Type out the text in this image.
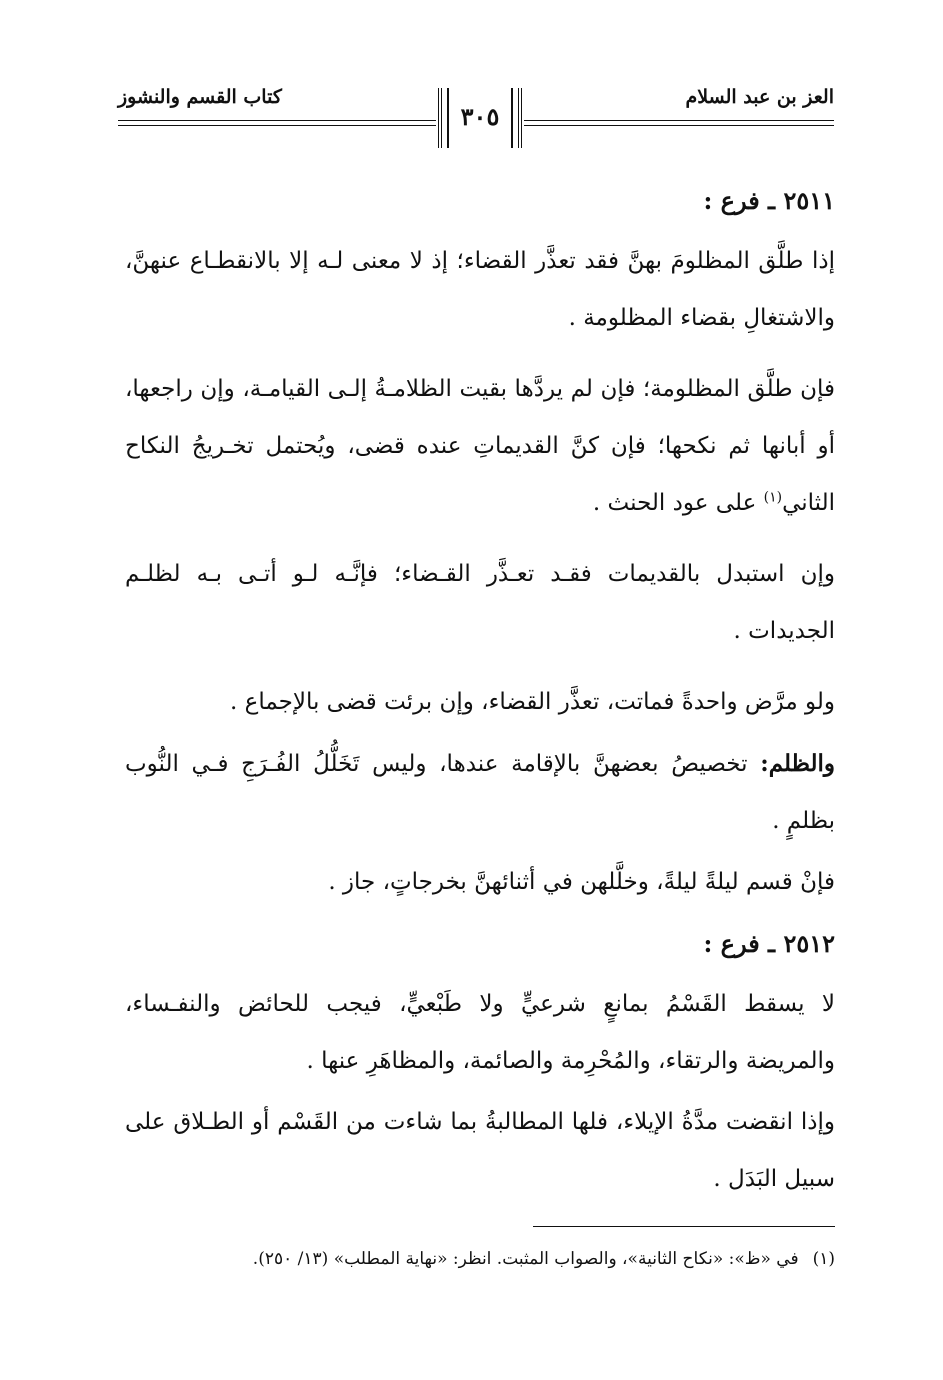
العز بن عبد السلام
٣٠٥
كتاب القسم والنشوز

٢٥١١ ـ فرع :

إذا طلَّق المظلومَ بهنَّ فقد تعذَّر القضاء؛ إذ لا معنى لـه إلا بالانقطـاع عنهنَّ، والاشتغالِ بقضاء المظلومة .

فإن طلَّق المظلومة؛ فإن لم يردَّها بقيت الظلامـةُ إلـى القيامـة، وإن راجعها، أو أبانها ثم نكحها؛ فإن كنَّ القديماتِ عنده قضى، ويُحتمل تخـريجُ النكاح الثاني$^{(١)}$ على عود الحنث .

وإن استبدل بالقديمات فقـد تعـذَّر القـضاء؛ فإنَّـه لـو أتـى بـه لظلـم الجديدات .

ولو مرَّض واحدةً فماتت، تعذَّر القضاء، وإن برئت قضى بالإجماع .

والظلم: تخصيصُ بعضهنَّ بالإقامة عندها، وليس تَخَلُّلُ الفُـرَجِ فـي النُّوب بظلمٍ .

فإنْ قسم ليلةً ليلةً، وخلَّلهن في أثنائهنَّ بخرجاتٍ، جاز .

٢٥١٢ ـ فرع :

لا يسقط القَسْمُ بمانعٍ شرعيٍّ ولا طَبْعيٍّ، فيجب للحائض والنفـساء، والمريضة والرتقاء، والمُحْرِمة والصائمة، والمظاهَرِ عنها .

وإذا انقضت مدَّةُ الإيلاء، فلها المطالبةُ بما شاءت من القَسْم أو الطـلاق على سبيل البَدَل .

(١)في «ظ»: «نكاح الثانية»، والصواب المثبت. انظر: «نهاية المطلب» (١٣/ ٢٥٠).
